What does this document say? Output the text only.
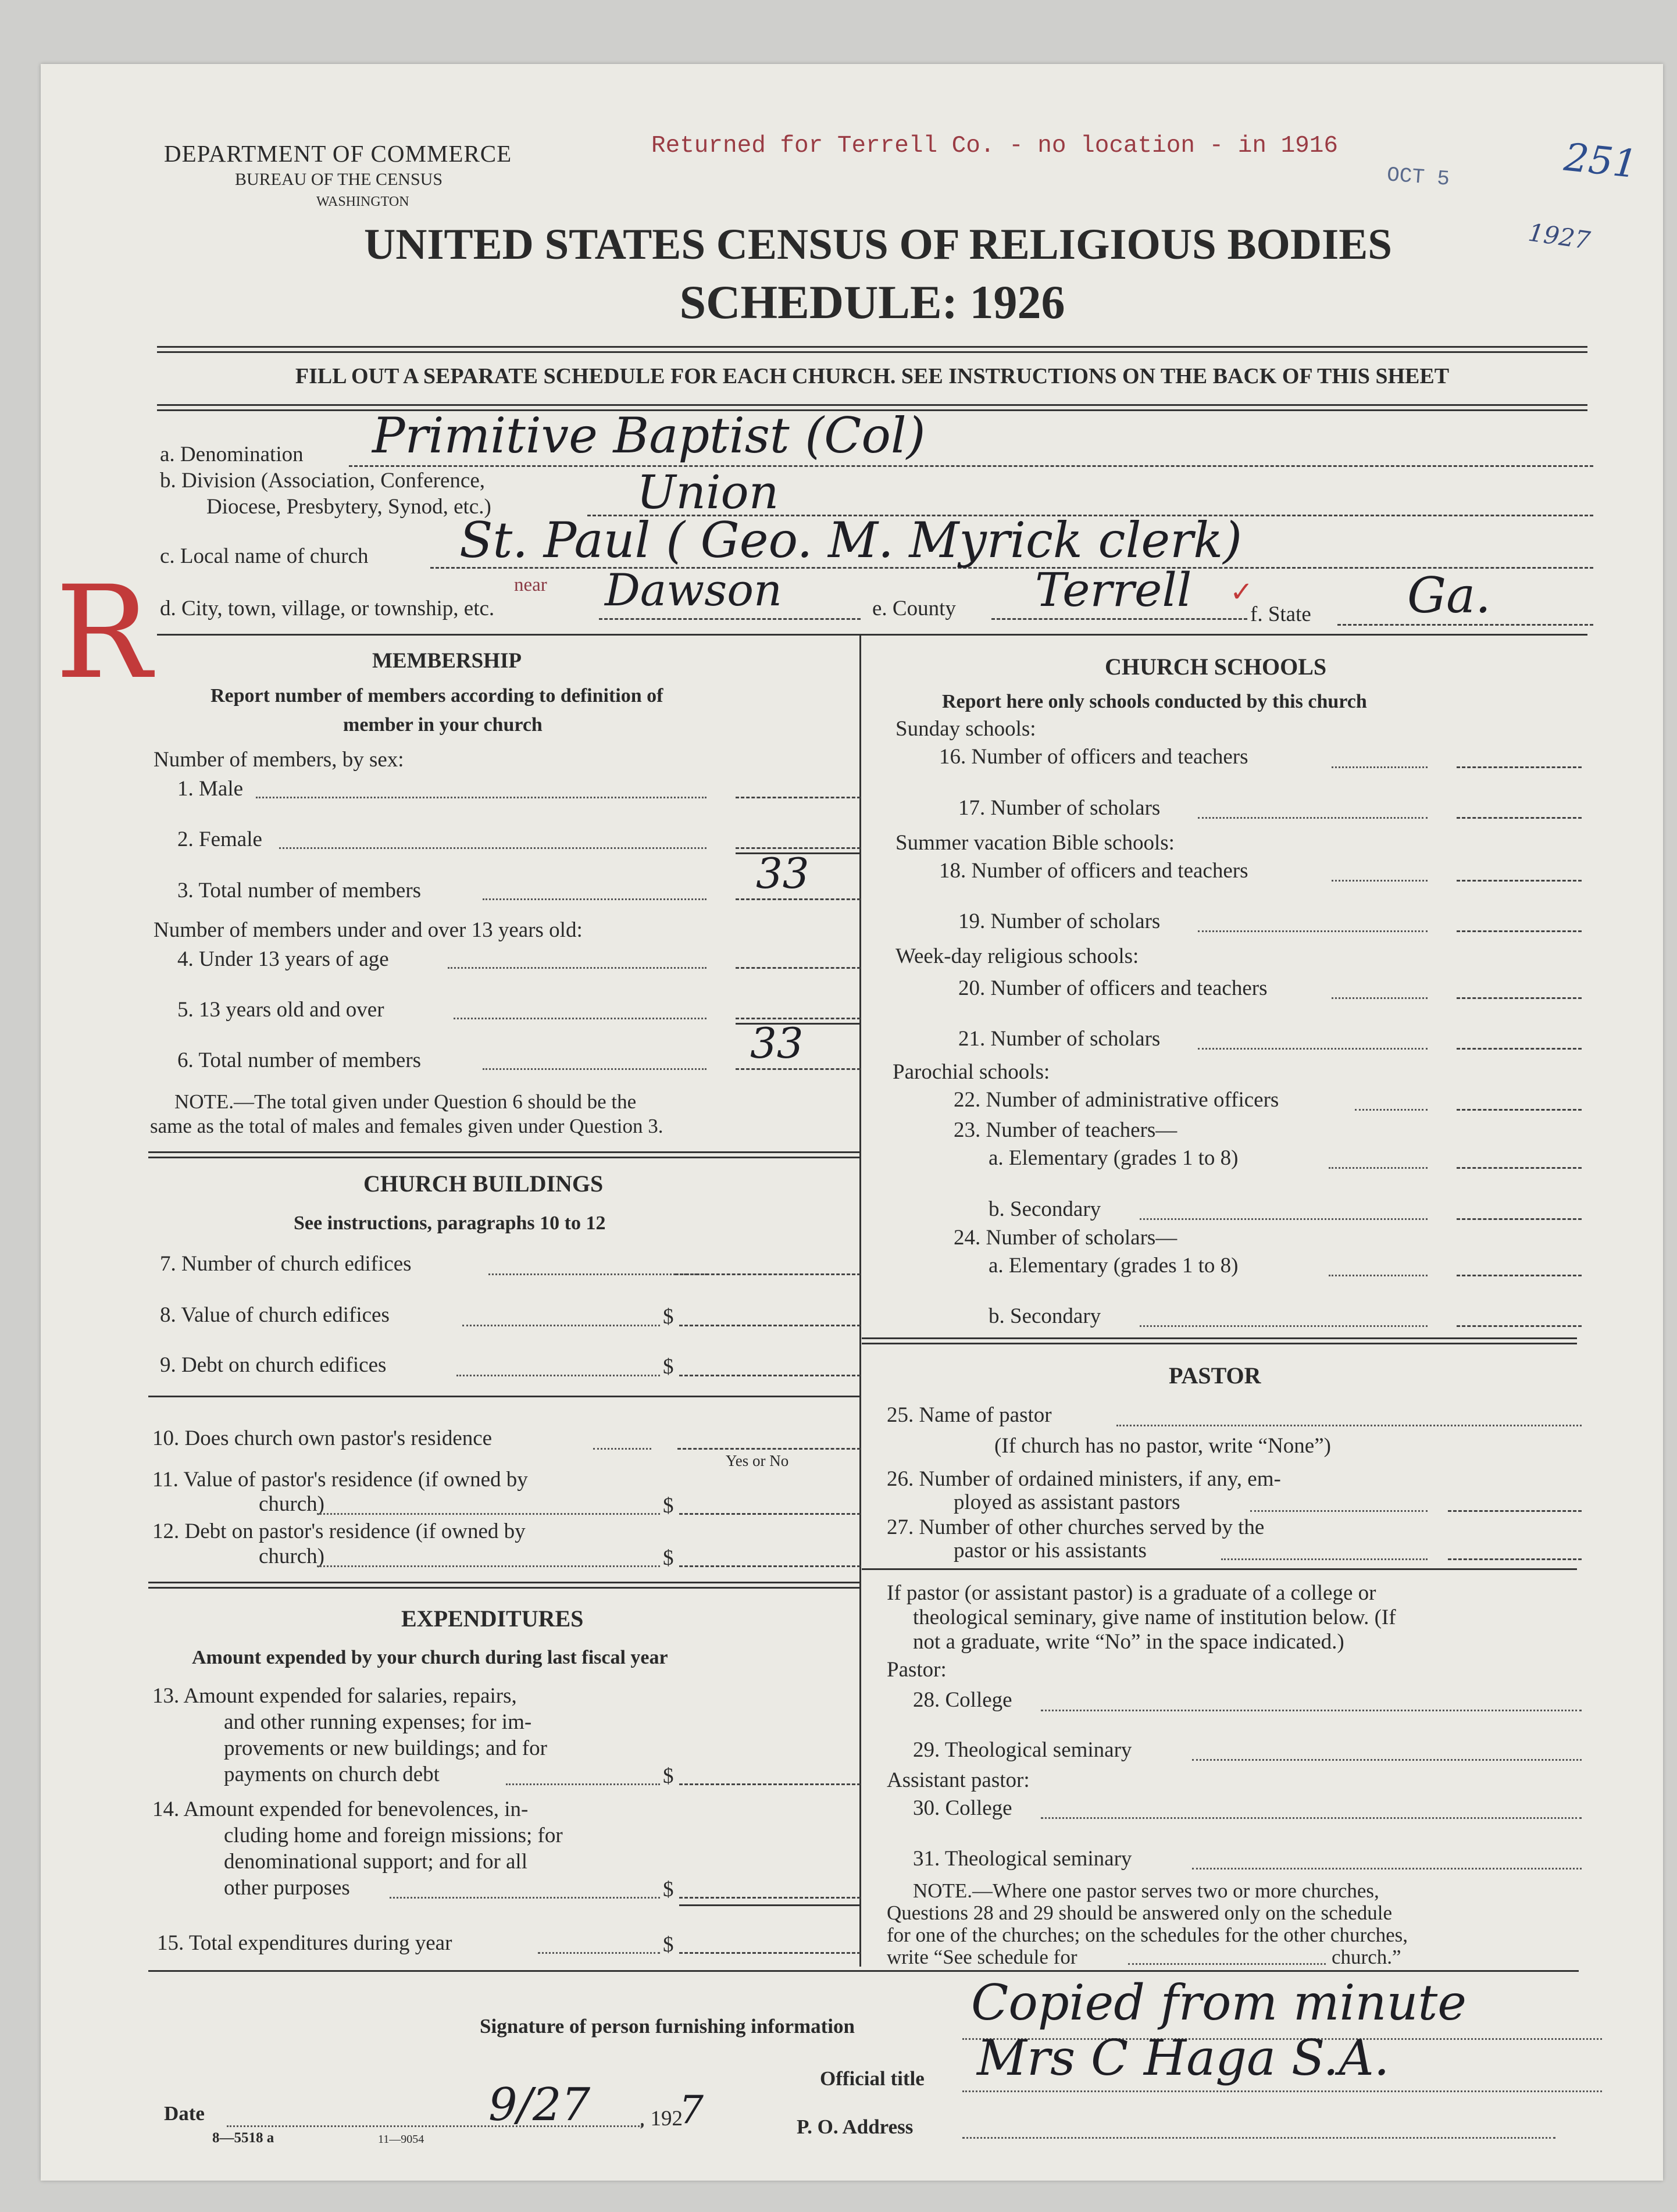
DEPARTMENT OF COMMERCE
BUREAU OF THE CENSUS
WASHINGTON
Returned for Terrell Co. - no location - in 1916
OCT 5	251
1927
UNITED STATES CENSUS OF RELIGIOUS BODIES
SCHEDULE: 1926
FILL OUT A SEPARATE SCHEDULE FOR EACH CHURCH. SEE INSTRUCTIONS ON THE BACK OF THIS SHEET
a. Denomination Primitive Baptist (Col)
b. Division (Association, Conference,
Diocese, Presbytery, Synod, etc.)	Union
c. Local name of church St. Paul ( Geo. M. Myrick clerk)
d. City, town, village, or township, etc.
near Dawson	e. County Terrell ✓
f. State Ga.
R	MEMBERSHIP
Report number of members according to definition of
member in your church
Number of members, by sex:
1. Male
2. Female
3. Total number of members	33
Number of members under and over 13 years old:
4. Under 13 years of age
5. 13 years old and over
6. Total number of members	33
NOTE.—The total given under Question 6 should be the
same as the total of males and females given under Question 3.
CHURCH BUILDINGS
See instructions, paragraphs 10 to 12
7. Number of church edifices
8. Value of church edifices	$
9. Debt on church edifices	$
10. Does church own pastor's residence
Yes or No
11. Value of pastor's residence (if owned by
church)	$
12. Debt on pastor's residence (if owned by
church)	$
EXPENDITURES
Amount expended by your church during last fiscal year
13. Amount expended for salaries, repairs,
and other running expenses; for im-
provements or new buildings; and for
payments on church debt	$
14. Amount expended for benevolences, in-
cluding home and foreign missions; for
denominational support; and for all
other purposes	$
15. Total expenditures during year	$
CHURCH SCHOOLS
Report here only schools conducted by this church
Sunday schools:
16. Number of officers and teachers
17. Number of scholars
Summer vacation Bible schools:
18. Number of officers and teachers
19. Number of scholars
Week-day religious schools:
20. Number of officers and teachers
21. Number of scholars
Parochial schools:
22. Number of administrative officers
23. Number of teachers—
a. Elementary (grades 1 to 8)
b. Secondary
24. Number of scholars—
a. Elementary (grades 1 to 8)
b. Secondary
PASTOR
25. Name of pastor
(If church has no pastor, write “None”)
26. Number of ordained ministers, if any, em-
ployed as assistant pastors
27. Number of other churches served by the
pastor or his assistants
If pastor (or assistant pastor) is a graduate of a college or
theological seminary, give name of institution below. (If
not a graduate, write “No” in the space indicated.)
Pastor:
28. College
29. Theological seminary
Assistant pastor:
30. College
31. Theological seminary
NOTE.—Where one pastor serves two or more churches,
Questions 28 and 29 should be answered only on the schedule
for one of the churches; on the schedules for the other churches,
write “See schedule for	church.”
Signature of person furnishing information Copied from minute
Official title Mrs C Haga S.A.
Date	9/27 , 192
7	P. O. Address
8—5518 a	11—9054
